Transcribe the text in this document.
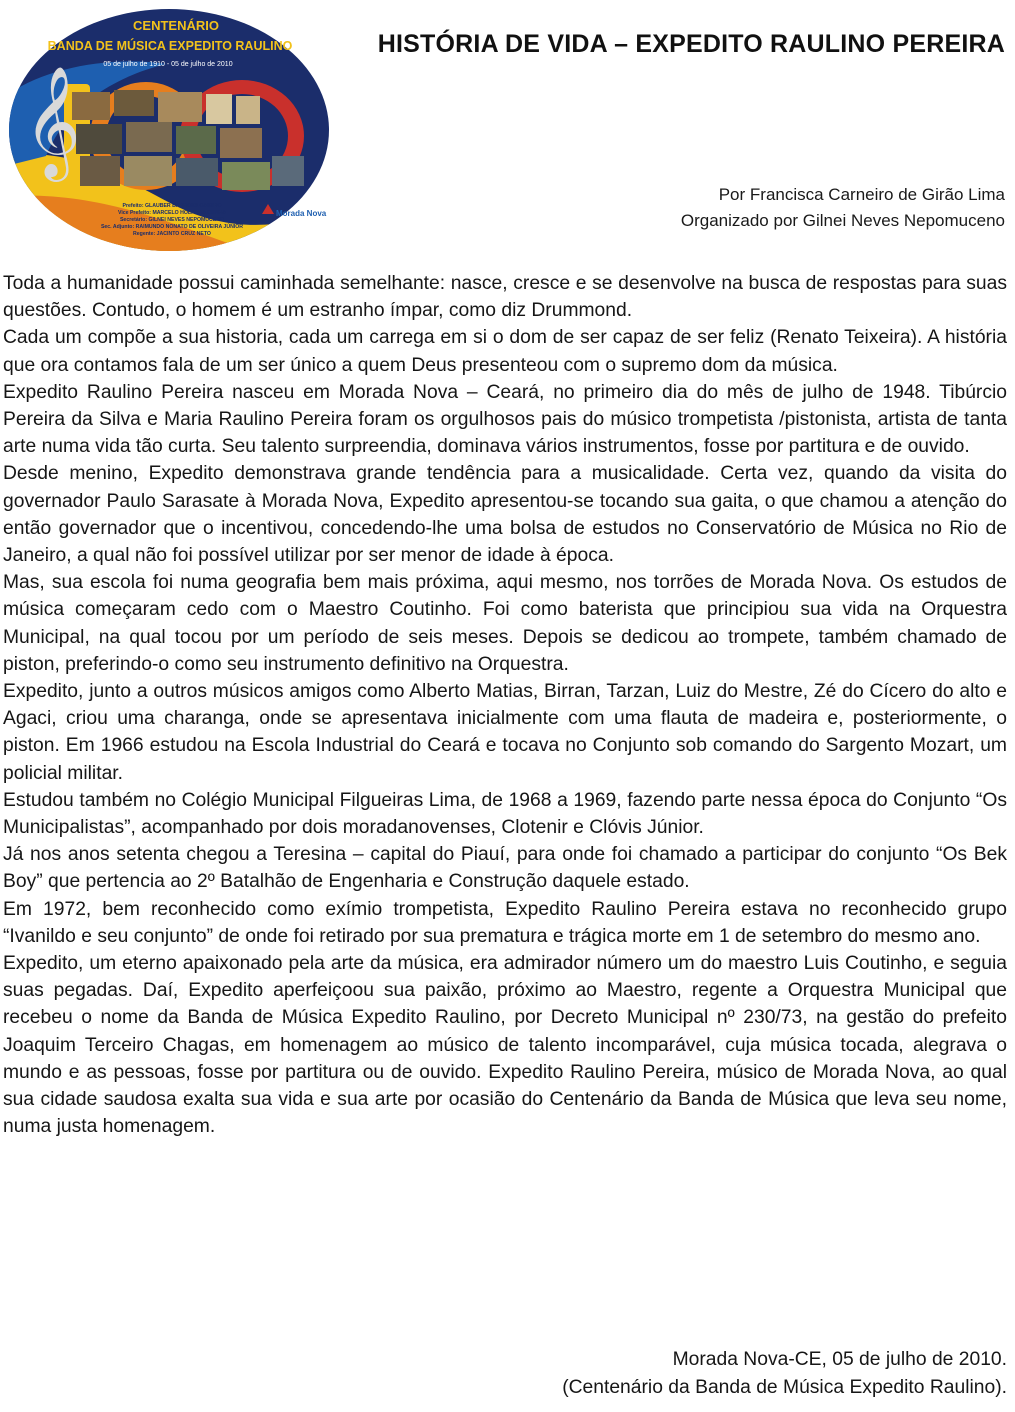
𝄞
CENTENÁRIO
BANDA DE MÚSICA EXPEDITO RAULINO
05 de julho de 1910 - 05 de julho de 2010
Prefeito: GLAUBER BARBOSA CASTRO
Vice Prefeito: MARCELO HOLANDA CUNHA
Secretário: GILNEI NEVES NEPOMUCENO
Sec. Adjunto: RAIMUNDO NONATO DE OLIVEIRA JÚNIOR
Regente: JACINTO CRUZ NETO
Morada Nova
HISTÓRIA DE VIDA – EXPEDITO RAULINO PEREIRA
Por Francisca Carneiro de Girão Lima
Organizado por Gilnei Neves Nepomuceno

Toda a humanidade possui caminhada semelhante: nasce, cresce e se desenvolve na busca de respostas para suas questões. Contudo, o homem é um estranho ímpar, como diz Drummond.

Cada um compõe a sua historia, cada um carrega em si o dom de ser capaz de ser feliz (Renato Teixeira). A história que ora contamos fala de um ser único a quem Deus presenteou com o supremo dom da música.

Expedito Raulino Pereira nasceu em Morada Nova – Ceará, no primeiro dia do mês de julho de 1948. Tibúrcio Pereira da Silva e Maria Raulino Pereira foram os orgulhosos pais do músico trompetista /pistonista, artista de tanta arte numa vida tão curta. Seu talento surpreendia, dominava vários instrumentos, fosse por partitura e de ouvido.

Desde menino, Expedito demonstrava grande tendência para a musicalidade. Certa vez, quando da visita do governador Paulo Sarasate à Morada Nova, Expedito apresentou-se tocando sua gaita, o que chamou a atenção do então governador que o incentivou, concedendo-lhe uma bolsa de estudos no Conservatório de Música no Rio de Janeiro, a qual não foi possível utilizar por ser menor de idade à época.

Mas, sua escola foi numa geografia bem mais próxima, aqui mesmo, nos torrões de Morada Nova. Os estudos de música começaram cedo com o Maestro Coutinho. Foi como baterista que principiou sua vida na Orquestra Municipal, na qual tocou por um período de seis meses. Depois se dedicou ao trompete, também chamado de piston, preferindo-o como seu instrumento definitivo na Orquestra.

Expedito, junto a outros músicos amigos como Alberto Matias, Birran, Tarzan, Luiz do Mestre, Zé do Cícero do alto e Agaci, criou uma charanga, onde se apresentava inicialmente com uma flauta de madeira e, posteriormente, o piston. Em 1966 estudou na Escola Industrial do Ceará e tocava no Conjunto sob comando do Sargento Mozart, um policial militar.

Estudou também no Colégio Municipal Filgueiras Lima, de 1968 a 1969, fazendo parte nessa época do Conjunto “Os Municipalistas”, acompanhado por dois moradanovenses, Clotenir e Clóvis Júnior.

Já nos anos setenta chegou a Teresina – capital do Piauí, para onde foi chamado a participar do conjunto “Os Bek Boy” que pertencia ao 2º Batalhão de Engenharia e Construção daquele estado.

Em 1972, bem reconhecido como exímio trompetista, Expedito Raulino Pereira estava no reconhecido grupo “Ivanildo e seu conjunto” de onde foi retirado por sua prematura e trágica morte em 1 de setembro do mesmo ano.

Expedito, um eterno apaixonado pela arte da música, era admirador número um do maestro Luis Coutinho, e seguia suas pegadas. Daí, Expedito aperfeiçoou sua paixão, próximo ao Maestro, regente a Orquestra Municipal que recebeu o nome da Banda de Música Expedito Raulino, por Decreto Municipal nº 230/73, na gestão do prefeito Joaquim Terceiro Chagas, em homenagem ao músico de talento incomparável, cuja música tocada, alegrava o mundo e as pessoas, fosse por partitura ou de ouvido. Expedito Raulino Pereira, músico de Morada Nova, ao qual sua cidade saudosa exalta sua vida e sua arte por ocasião do Centenário da Banda de Música que leva seu nome, numa justa homenagem.

Morada Nova-CE, 05 de julho de 2010.
(Centenário da Banda de Música Expedito Raulino).
